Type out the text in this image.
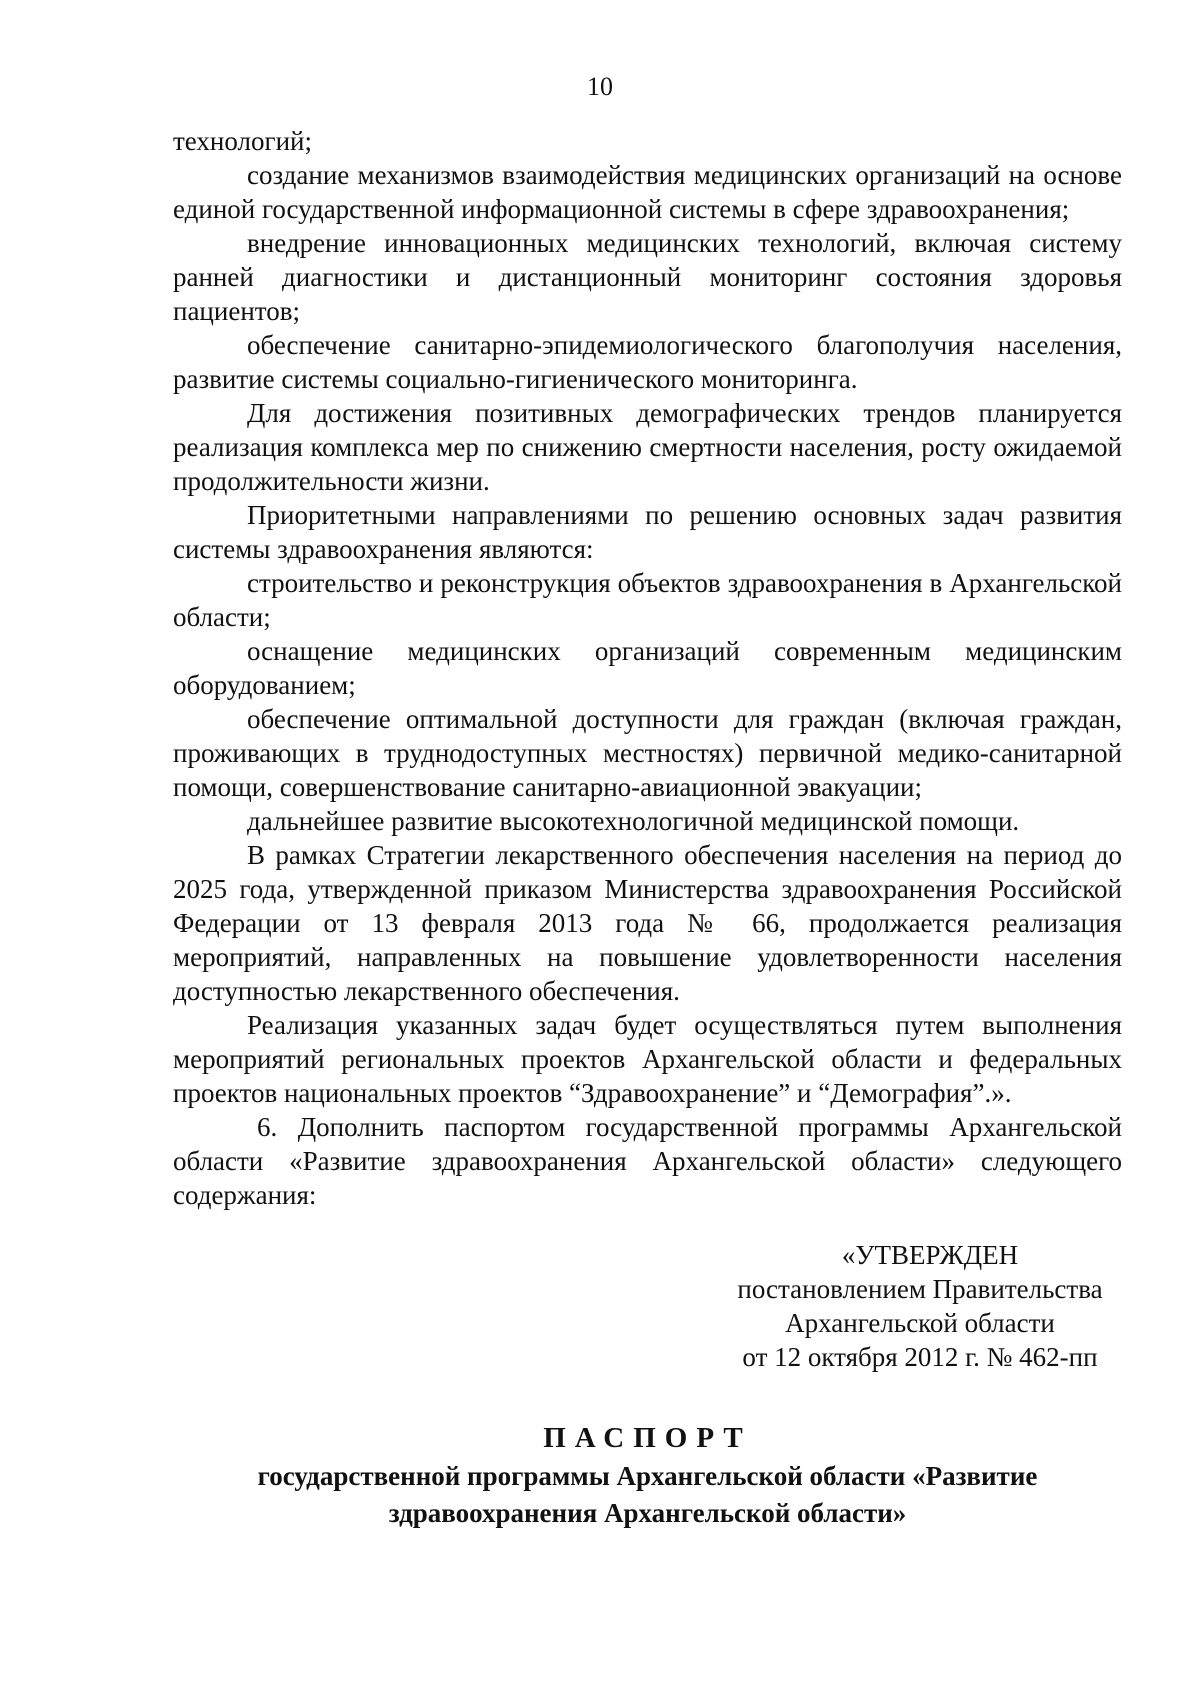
10

технологий;

создание механизмов взаимодействия медицинских организаций на основе единой государственной информационной системы в сфере здравоохранения;

внедрение инновационных медицинских технологий, включая систему ранней диагностики и дистанционный мониторинг состояния здоровья пациентов;

обеспечение санитарно-эпидемиологического благополучия населения, развитие системы социально-гигиенического мониторинга.

Для достижения позитивных демографических трендов планируется реализация комплекса мер по снижению смертности населения, росту ожидаемой продолжительности жизни.

Приоритетными направлениями по решению основных задач развития системы здравоохранения являются:

строительство и реконструкция объектов здравоохранения в Архангельской области;

оснащение медицинских организаций современным медицинским оборудованием;

обеспечение оптимальной доступности для граждан (включая граждан, проживающих в труднодоступных местностях) первичной медико-санитарной помощи, совершенствование санитарно-авиационной эвакуации;

дальнейшее развитие высокотехнологичной медицинской помощи.

В рамках Стратегии лекарственного обеспечения населения на период до 2025 года, утвержденной приказом Министерства здравоохранения Российской Федерации от 13 февраля 2013 года № 66, продолжается реализация мероприятий, направленных на повышение удовлетворенности населения доступностью лекарственного обеспечения.

Реализация указанных задач будет осуществляться путем выполнения мероприятий региональных проектов Архангельской области и федеральных проектов национальных проектов “Здравоохранение” и “Демография”.».

6. Дополнить паспортом государственной программы Архангельской области «Развитие здравоохранения Архангельской области» следующего содержания:

«УТВЕРЖДЕН
постановлением Правительства
Архангельской области
от 12 октября 2012 г. № 462-пп
ПАСПОРТ
государственной программы Архангельской области «Развитие
здравоохранения Архангельской области»
